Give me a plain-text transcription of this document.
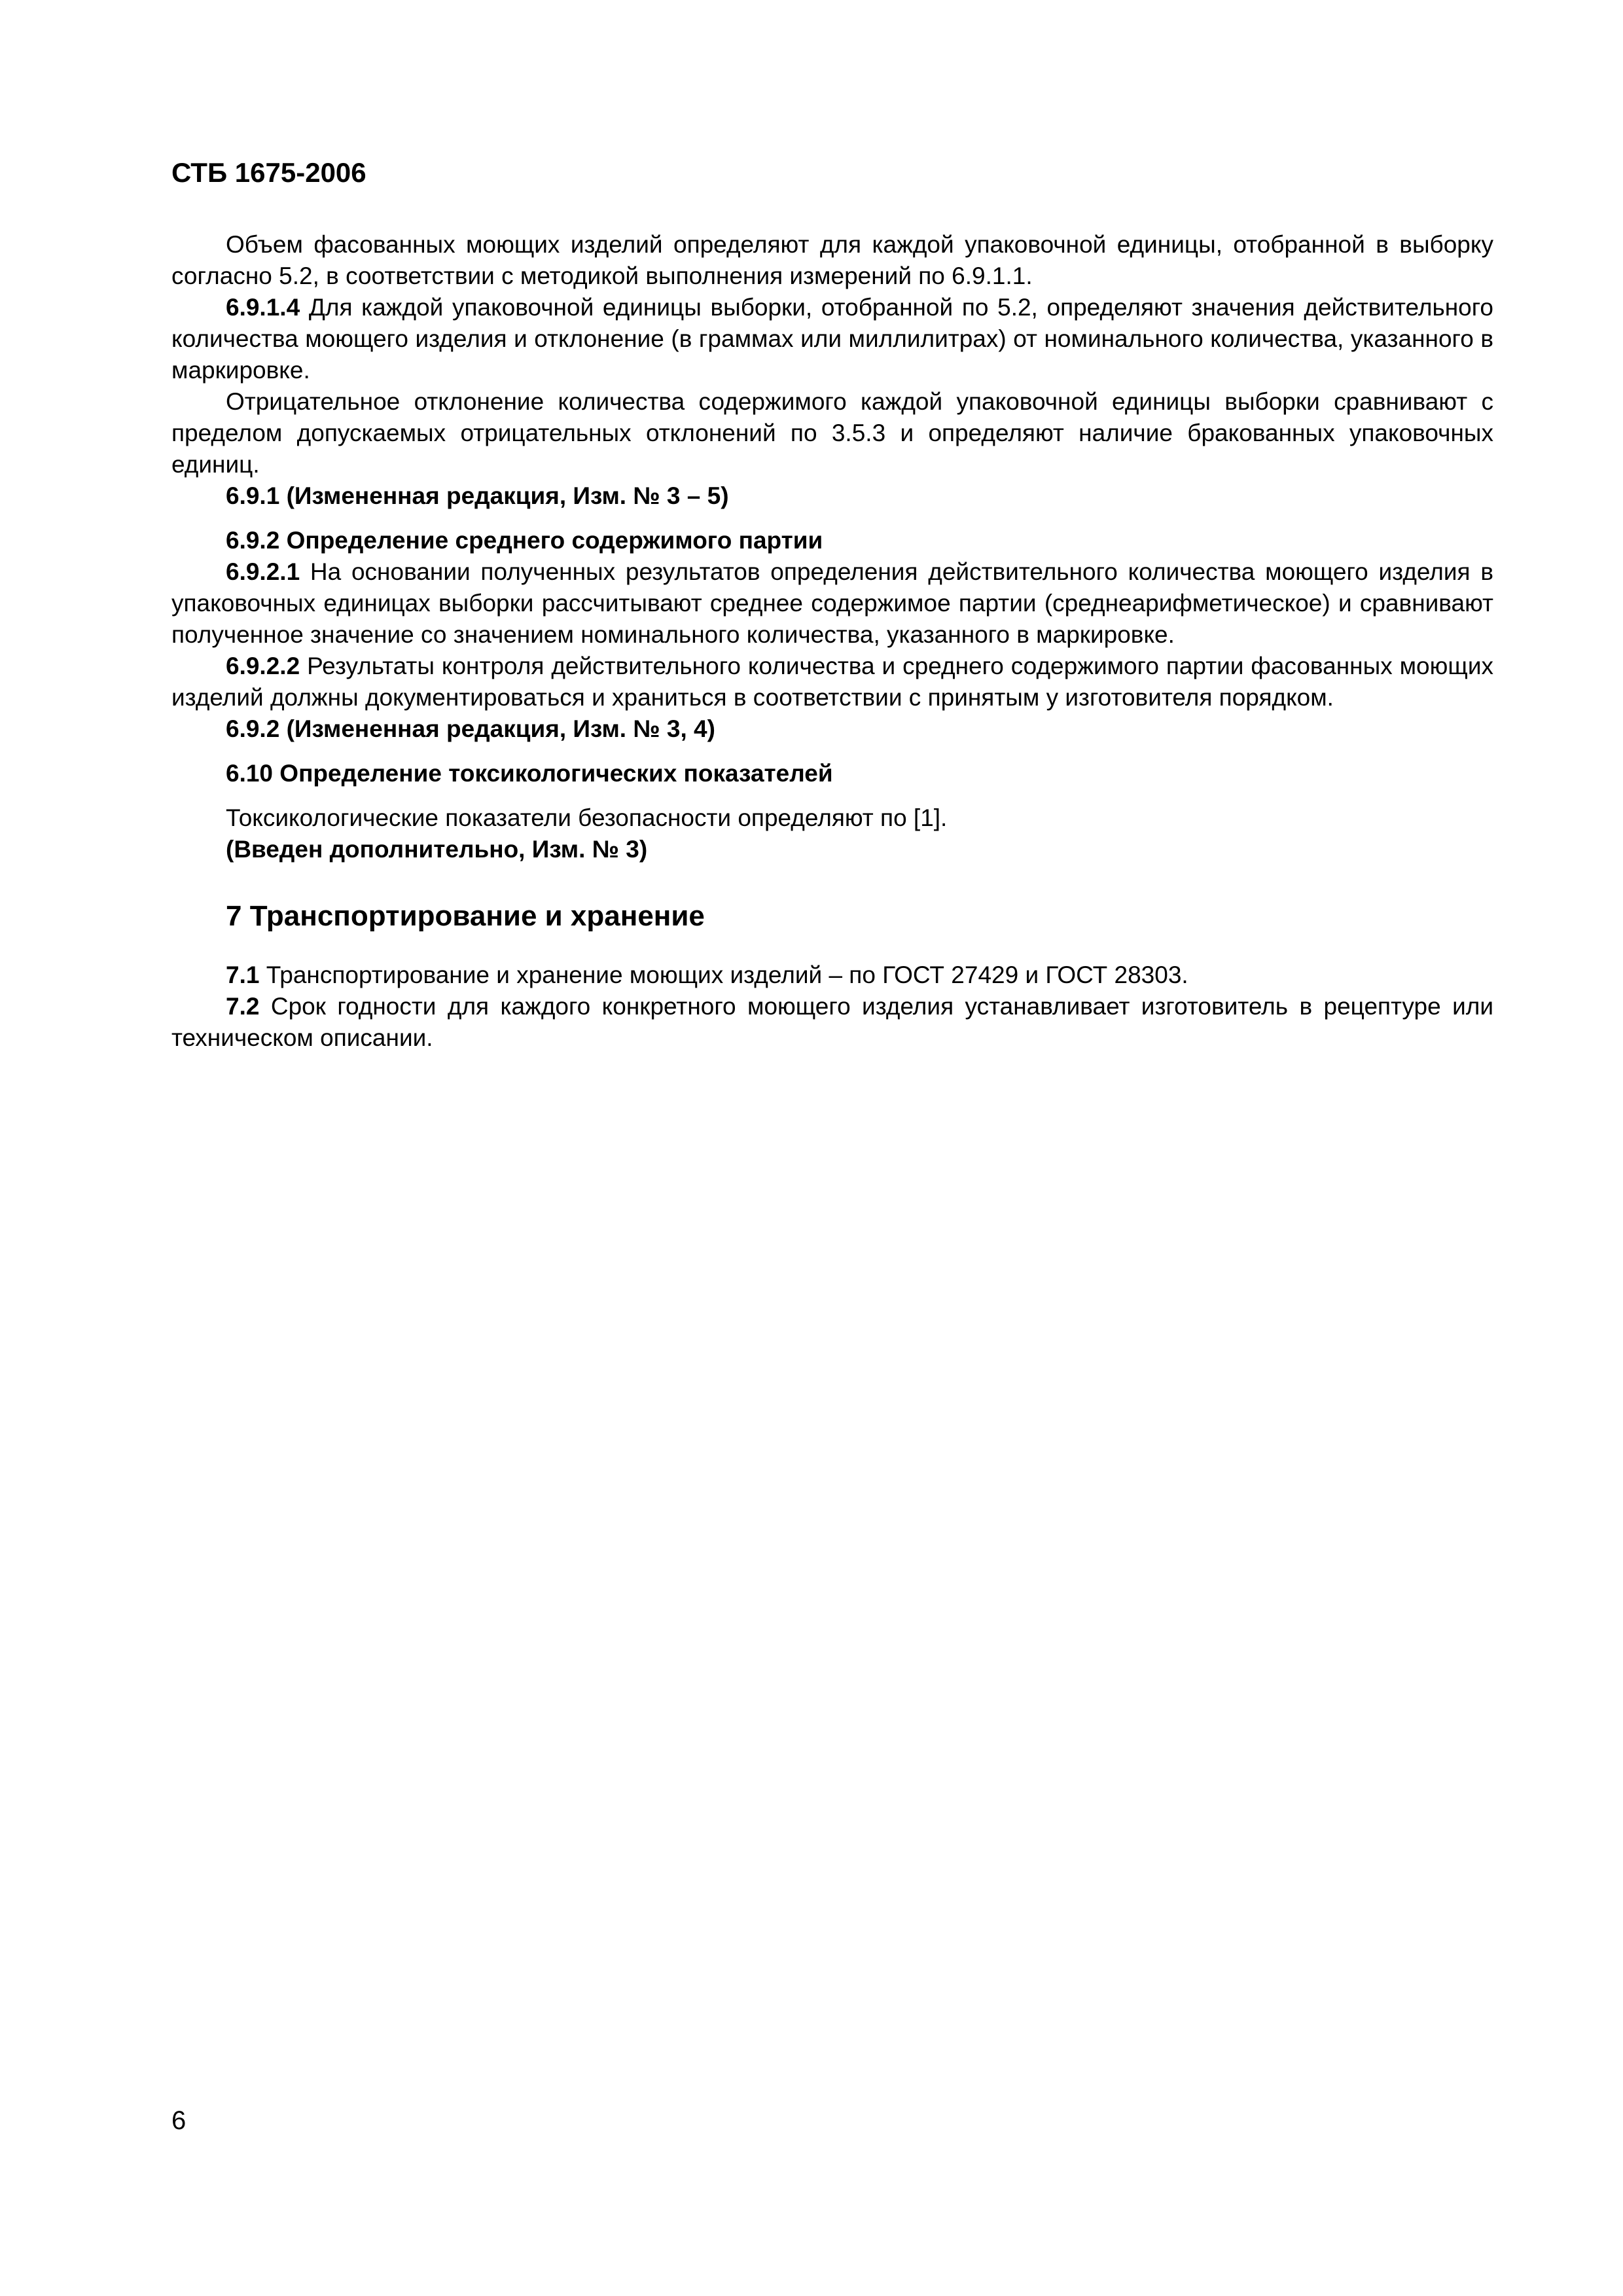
СТБ 1675-2006

Объем фасованных моющих изделий определяют для каждой упаковочной единицы, отобранной в выборку согласно 5.2, в соответствии с методикой выполнения измерений по 6.9.1.1.

6.9.1.4 Для каждой упаковочной единицы выборки, отобранной по 5.2, определяют значения действительного количества моющего изделия и отклонение (в граммах или миллилитрах) от номинального количества, указанного в маркировке.

Отрицательное отклонение количества содержимого каждой упаковочной единицы выборки сравнивают с пределом допускаемых отрицательных отклонений по 3.5.3 и определяют наличие бракованных упаковочных единиц.

6.9.1 (Измененная редакция, Изм. № 3 – 5)

6.9.2 Определение среднего содержимого партии

6.9.2.1 На основании полученных результатов определения действительного количества моющего изделия в упаковочных единицах выборки рассчитывают среднее содержимое партии (среднеарифметическое) и сравнивают полученное значение со значением номинального количества, указанного в маркировке.

6.9.2.2 Результаты контроля действительного количества и среднего содержимого партии фасованных моющих изделий должны документироваться и храниться в соответствии с принятым у изготовителя порядком.

6.9.2 (Измененная редакция, Изм. № 3, 4)

6.10 Определение токсикологических показателей

Токсикологические показатели безопасности определяют по [1].

(Введен дополнительно, Изм. № 3)

7 Транспортирование и хранение

7.1 Транспортирование и хранение моющих изделий – по ГОСТ 27429 и ГОСТ 28303.

7.2 Срок годности для каждого конкретного моющего изделия устанавливает изготовитель в рецептуре или техническом описании.

6
